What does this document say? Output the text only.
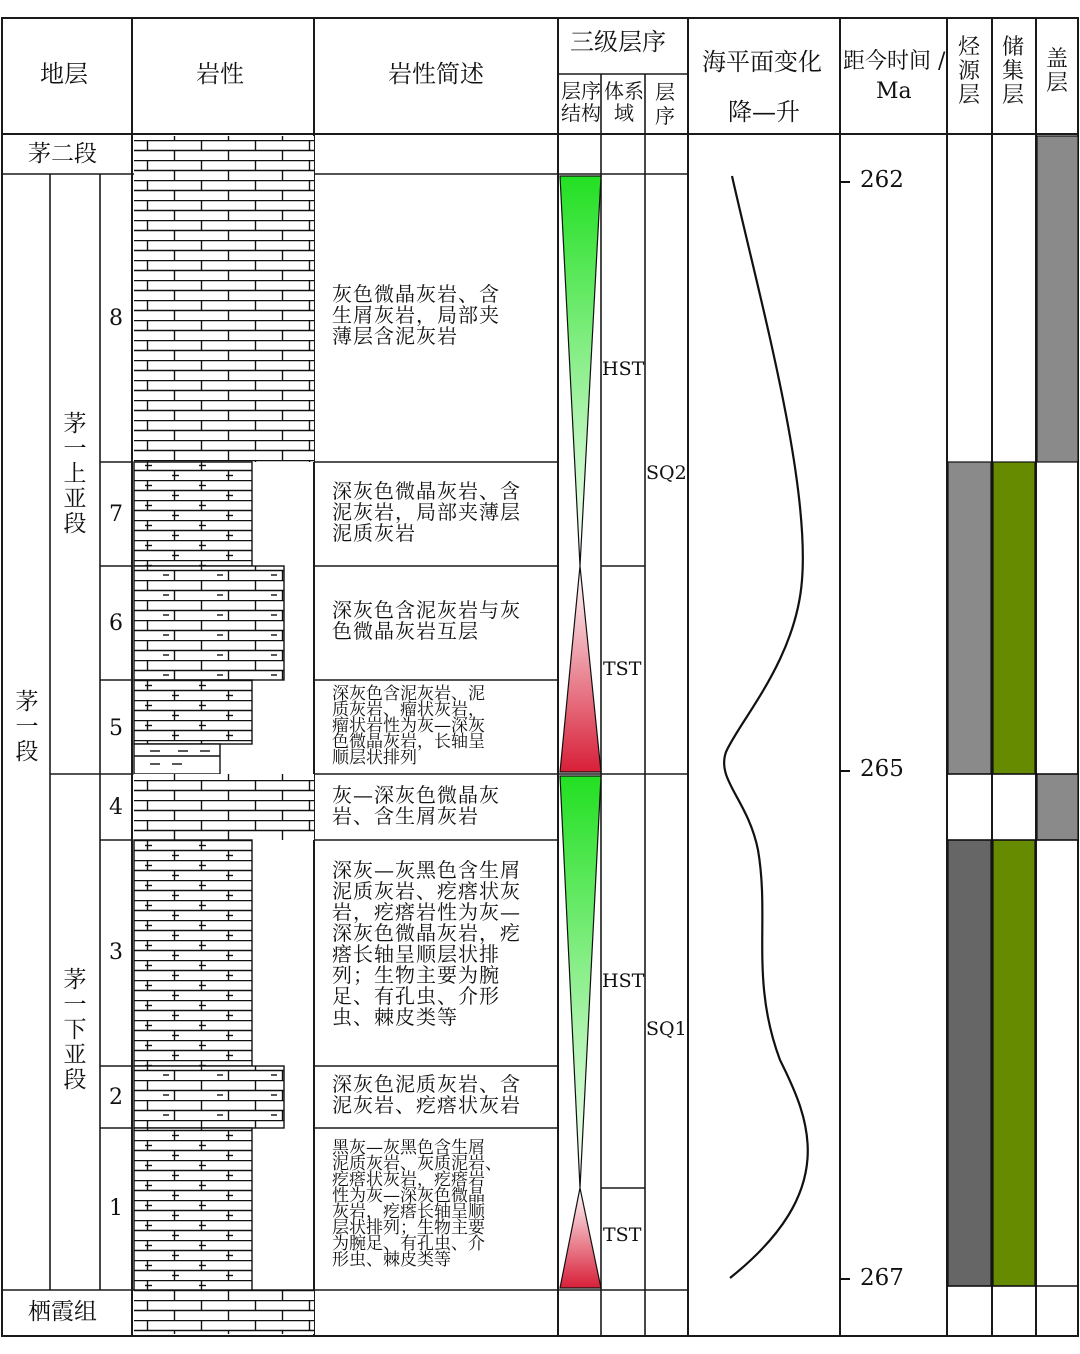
地层	岩性	岩性简述
三级层序
层序结构
体系域
层序
海平面变化
降—升
距今时间 /
Ma
烃源层
储集层
盖层
茅二段
茅一段
茅一上亚段
茅一下亚段
栖霞组
8
7
6
5
4
3
2
1
灰色微晶灰岩、含
生屑灰岩，局部夹
薄层含泥灰岩
深灰色微晶灰岩、含
泥灰岩，局部夹薄层
泥质灰岩
深灰色含泥灰岩与灰
色微晶灰岩互层
深灰色含泥灰岩、泥
质灰岩、瘤状灰岩，
瘤状岩性为灰—深灰
色微晶灰岩，长轴呈
顺层状排列
灰—深灰色微晶灰
岩、含生屑灰岩
深灰—灰黑色含生屑
泥质灰岩、疙瘩状灰
岩，疙瘩岩性为灰—
深灰色微晶灰岩，疙
瘩长轴呈顺层状排
列；生物主要为腕
足、有孔虫、介形
虫、棘皮类等
深灰色泥质灰岩、含
泥灰岩、疙瘩状灰岩
黑灰—灰黑色含生屑
泥质灰岩、灰质泥岩、
疙瘩状灰岩，疙瘩岩
性为灰—深灰色微晶
灰岩，疙瘩长轴呈顺
层状排列；生物主要
为腕足、有孔虫、介
形虫、棘皮类等
HST
TST
HST
TST
SQ2
SQ1
262
265
267
